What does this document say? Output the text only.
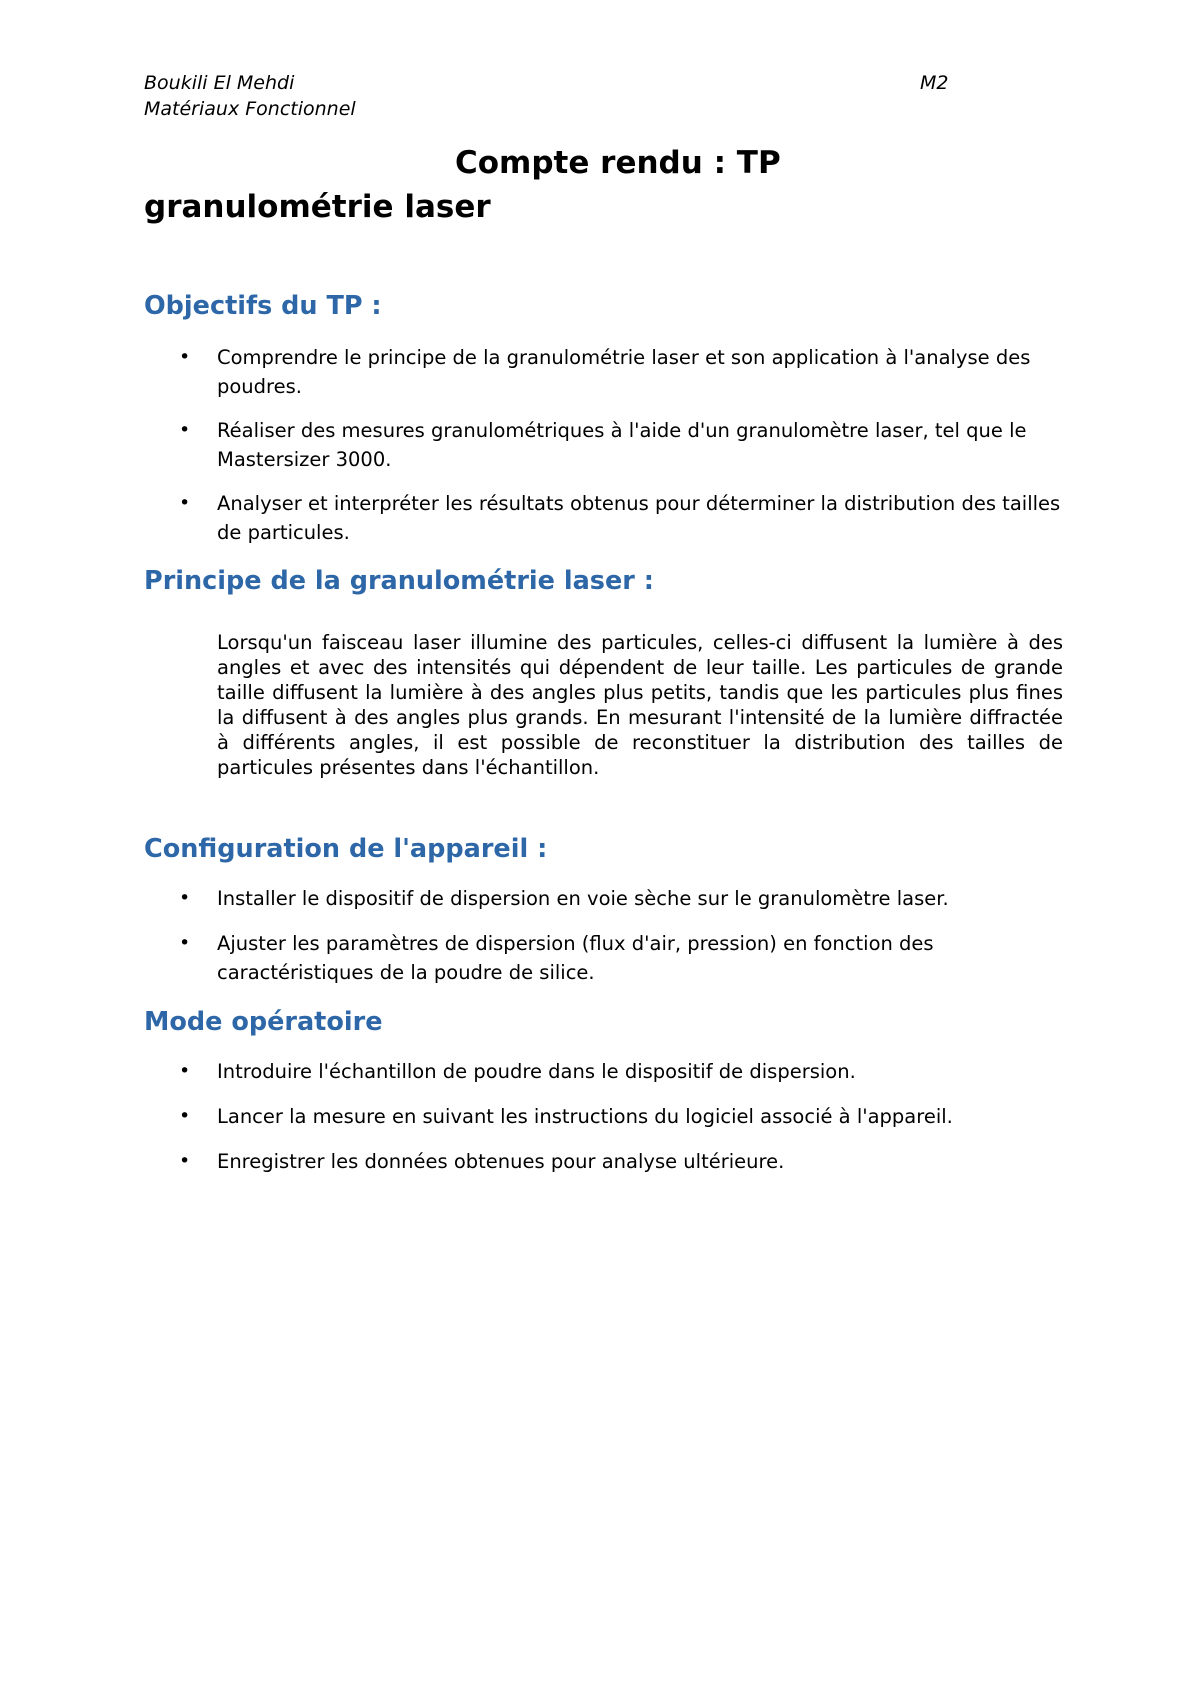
Boukili El Mehdi
Matériaux Fonctionnel
M2
Compte rendu : TP
granulométrie laser
Objectifs du TP :
• Comprendre le principe de la granulométrie laser et son application à l'analyse des poudres.
• Réaliser des mesures granulométriques à l'aide d'un granulomètre laser, tel que le Mastersizer 3000.
• Analyser et interpréter les résultats obtenus pour déterminer la distribution des tailles de particules.
Principe de la granulométrie laser :
Lorsqu'un faisceau laser illumine des particules, celles-ci diffusent la lumière à des angles et avec des intensités qui dépendent de leur taille. Les particules de grande taille diffusent la lumière à des angles plus petits, tandis que les particules plus fines la diffusent à des angles plus grands. En mesurant l'intensité de la lumière diffractée à différents angles, il est possible de reconstituer la distribution des tailles de particules présentes dans l'échantillon.
Configuration de l'appareil :
• Installer le dispositif de dispersion en voie sèche sur le granulomètre laser.
• Ajuster les paramètres de dispersion (flux d'air, pression) en fonction des caractéristiques de la poudre de silice.
Mode opératoire
• Introduire l'échantillon de poudre dans le dispositif de dispersion.
• Lancer la mesure en suivant les instructions du logiciel associé à l'appareil.
• Enregistrer les données obtenues pour analyse ultérieure.
